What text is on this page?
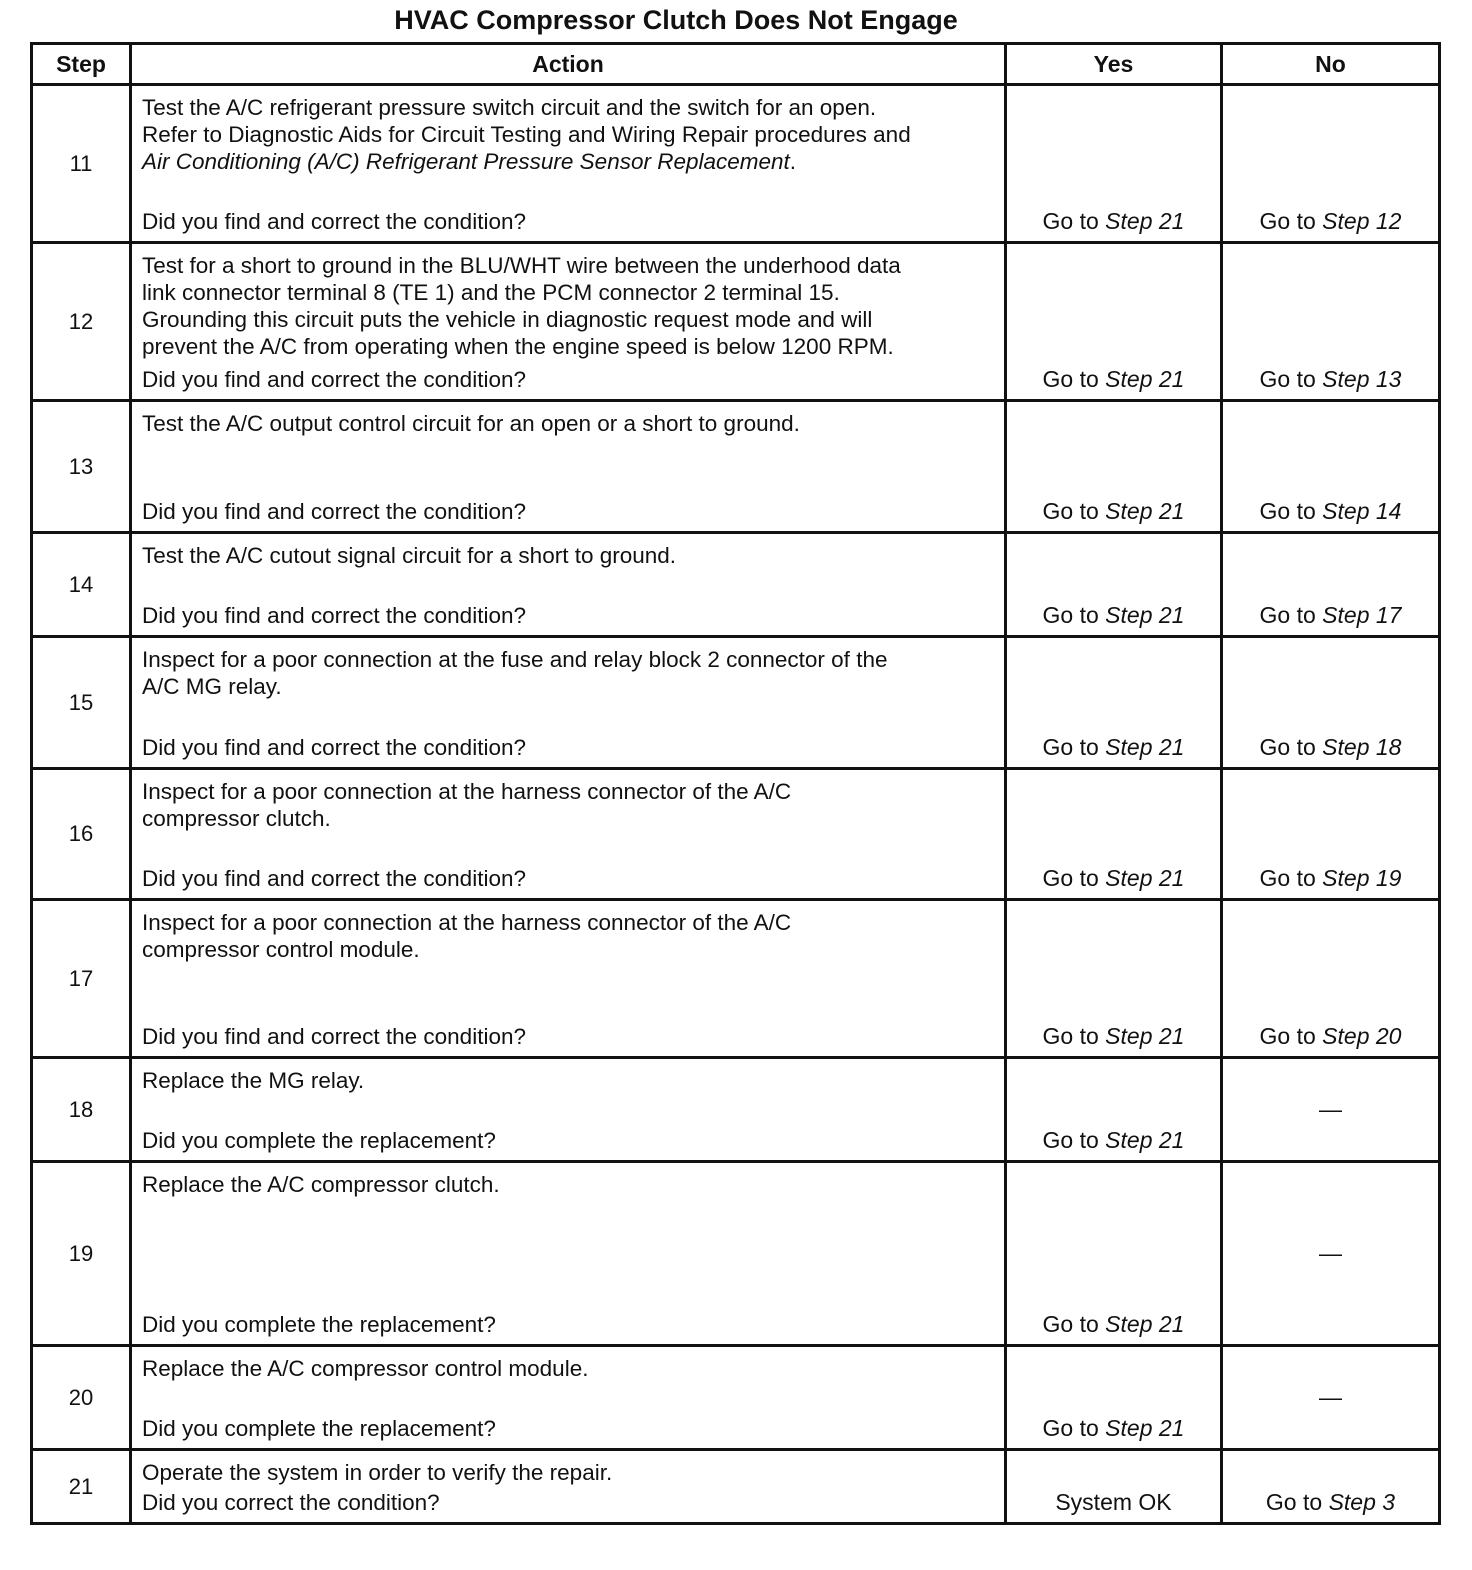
HVAC Compressor Clutch Does Not Engage
Step	Action	Yes	No
11	Test the A/C refrigerant pressure switch circuit and the switch for an open.
Refer to Diagnostic Aids for Circuit Testing and Wiring Repair procedures and
Air Conditioning (A/C) Refrigerant Pressure Sensor Replacement.
Did you find and correct the condition?	Go to Step 21	Go to Step 12
12	Test for a short to ground in the BLU/WHT wire between the underhood data
link connector terminal 8 (TE 1) and the PCM connector 2 terminal 15.
Grounding this circuit puts the vehicle in diagnostic request mode and will
prevent the A/C from operating when the engine speed is below 1200 RPM.
Did you find and correct the condition?	Go to Step 21	Go to Step 13
13	Test the A/C output control circuit for an open or a short to ground.
Did you find and correct the condition?	Go to Step 21	Go to Step 14
14	Test the A/C cutout signal circuit for a short to ground.
Did you find and correct the condition?	Go to Step 21	Go to Step 17
15	Inspect for a poor connection at the fuse and relay block 2 connector of the
A/C MG relay.
Did you find and correct the condition?	Go to Step 21	Go to Step 18
16	Inspect for a poor connection at the harness connector of the A/C
compressor clutch.
Did you find and correct the condition?	Go to Step 21	Go to Step 19
17	Inspect for a poor connection at the harness connector of the A/C
compressor control module.
Did you find and correct the condition?	Go to Step 21	Go to Step 20
18	Replace the MG relay.
Did you complete the replacement?	Go to Step 21	—
19	Replace the A/C compressor clutch.
Did you complete the replacement?	Go to Step 21	—
20	Replace the A/C compressor control module.
Did you complete the replacement?	Go to Step 21	—
21	Operate the system in order to verify the repair.
Did you correct the condition?	System OK	Go to Step 3
